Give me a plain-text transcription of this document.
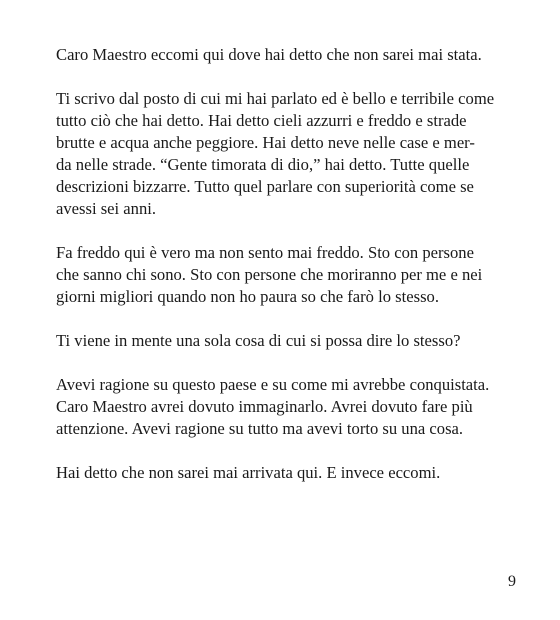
Caro Maestro eccomi qui dove hai detto che non sarei mai stata.

Ti scrivo dal posto di cui mi hai parlato ed è bello e terribile come
tutto ciò che hai detto. Hai detto cieli azzurri e freddo e strade
brutte e acqua anche peggiore. Hai detto neve nelle case e mer-
da nelle strade. “Gente timorata di dio,” hai detto. Tutte quelle
descrizioni bizzarre. Tutto quel parlare con superiorità come se
avessi sei anni.

Fa freddo qui è vero ma non sento mai freddo. Sto con persone
che sanno chi sono. Sto con persone che moriranno per me e nei
giorni migliori quando non ho paura so che farò lo stesso.

Ti viene in mente una sola cosa di cui si possa dire lo stesso?

Avevi ragione su questo paese e su come mi avrebbe conquistata.
Caro Maestro avrei dovuto immaginarlo. Avrei dovuto fare più
attenzione. Avevi ragione su tutto ma avevi torto su una cosa.

Hai detto che non sarei mai arrivata qui. E invece eccomi.

9
